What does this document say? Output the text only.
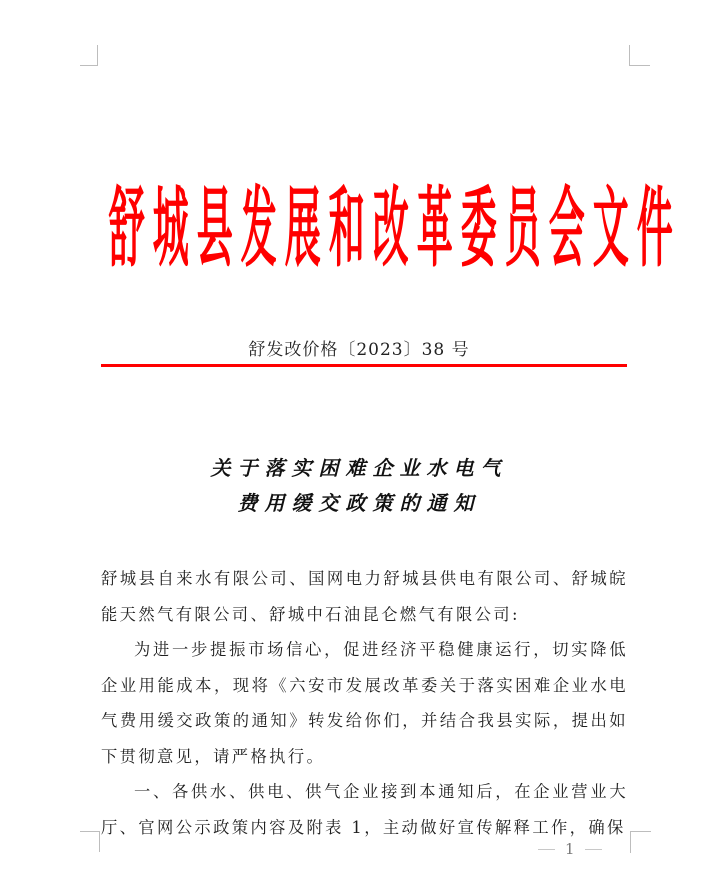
舒 城 县 发 展 和 改 革 委 员 会 文 件
舒发改价格〔2023〕38 号
关于落实困难企业水电气
费用缓交政策的通知

舒城县自来水有限公司、国网电力舒城县供电有限公司、舒城皖能天然气有限公司、舒城中石油昆仑燃气有限公司:

为进一步提振市场信心，促进经济平稳健康运行，切实降低企业用能成本，现将《六安市发展改革委关于落实困难企业水电气费用缓交政策的通知》转发给你们，并结合我县实际，提出如下贯彻意见，请严格执行。

一、各供水、供电、供气企业接到本通知后，在企业营业大厅、官网公示政策内容及附表 1，主动做好宣传解释工作，确保

1
